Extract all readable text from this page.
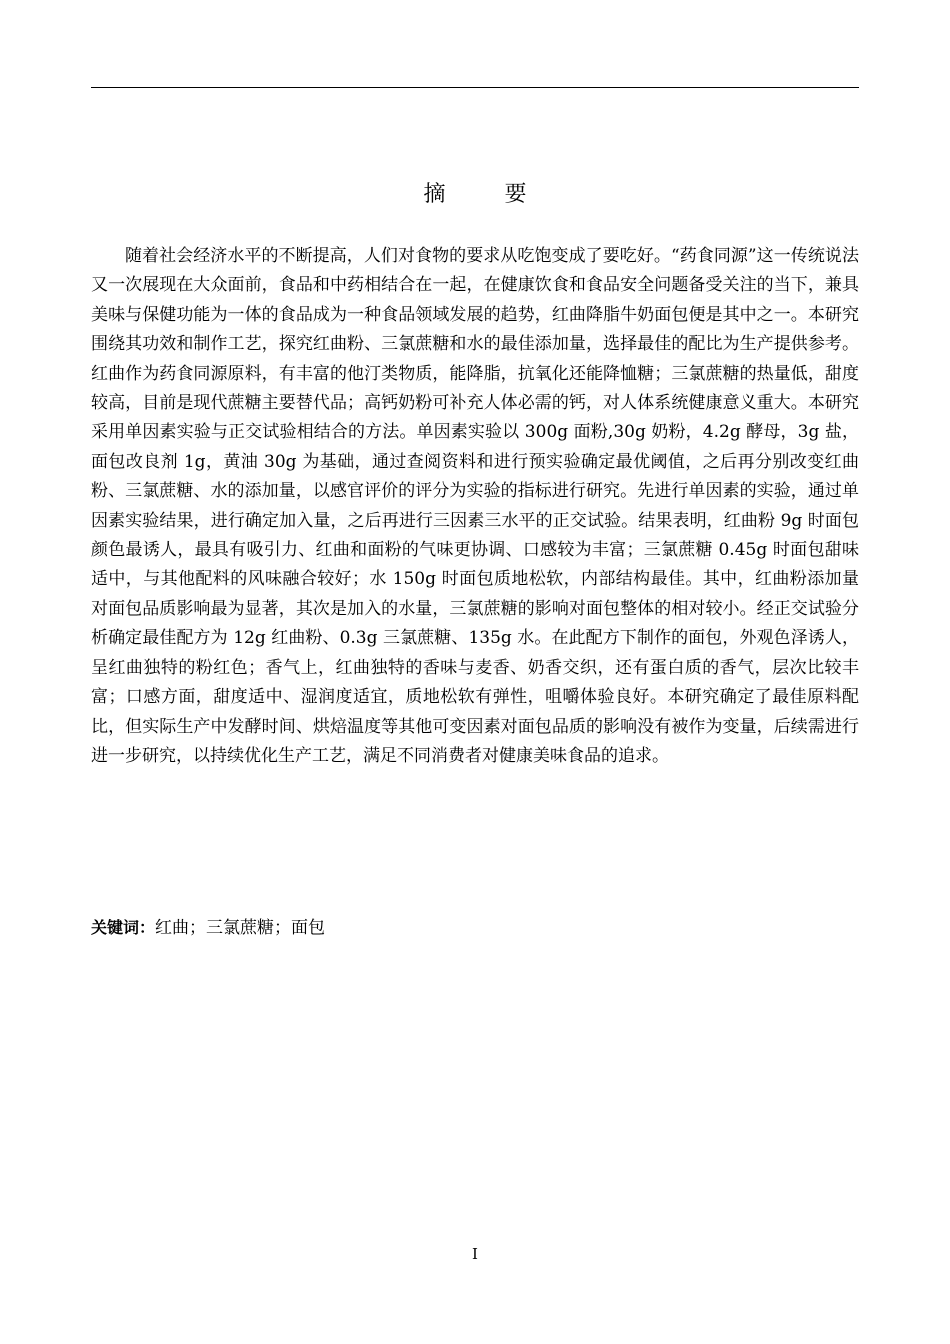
摘 要

随着社会经济水平的不断提高，人们对食物的要求从吃饱变成了要吃好。“药食同源”这一传统说法又一次展现在大众面前，食品和中药相结合在一起，在健康饮食和食品安全问题备受关注的当下，兼具美味与保健功能为一体的食品成为一种食品领域发展的趋势，红曲降脂牛奶面包便是其中之一。本研究围绕其功效和制作工艺，探究红曲粉、三氯蔗糖和水的最佳添加量，选择最佳的配比为生产提供参考。红曲作为药食同源原料，有丰富的他汀类物质，能降脂，抗氧化还能降恤糖；三氯蔗糖的热量低，甜度较高，目前是现代蔗糖主要替代品；高钙奶粉可补充人体必需的钙，对人体系统健康意义重大。本研究采用单因素实验与正交试验相结合的方法。单因素实验以 300g 面粉,30g 奶粉，4.2g 酵母，3g 盐，面包改良剂 1g，黄油 30g 为基础，通过查阅资料和进行预实验确定最优阈值，之后再分别改变红曲粉、三氯蔗糖、水的添加量，以感官评价的评分为实验的指标进行研究。先进行单因素的实验，通过单因素实验结果，进行确定加入量，之后再进行三因素三水平的正交试验。结果表明，红曲粉 9g 时面包颜色最诱人，最具有吸引力、红曲和面粉的气味更协调、口感较为丰富；三氯蔗糖 0.45g 时面包甜味适中，与其他配料的风味融合较好；水 150g 时面包质地松软，内部结构最佳。其中，红曲粉添加量对面包品质影响最为显著，其次是加入的水量，三氯蔗糖的影响对面包整体的相对较小。经正交试验分析确定最佳配方为 12g 红曲粉、0.3g 三氯蔗糖、135g 水。在此配方下制作的面包，外观色泽诱人，呈红曲独特的粉红色；香气上，红曲独特的香味与麦香、奶香交织，还有蛋白质的香气，层次比较丰富；口感方面，甜度适中、湿润度适宜，质地松软有弹性，咀嚼体验良好。本研究确定了最佳原料配比，但实际生产中发酵时间、烘焙温度等其他可变因素对面包品质的影响没有被作为变量，后续需进行进一步研究，以持续优化生产工艺，满足不同消费者对健康美味食品的追求。

关键词：红曲；三氯蔗糖；面包
I
